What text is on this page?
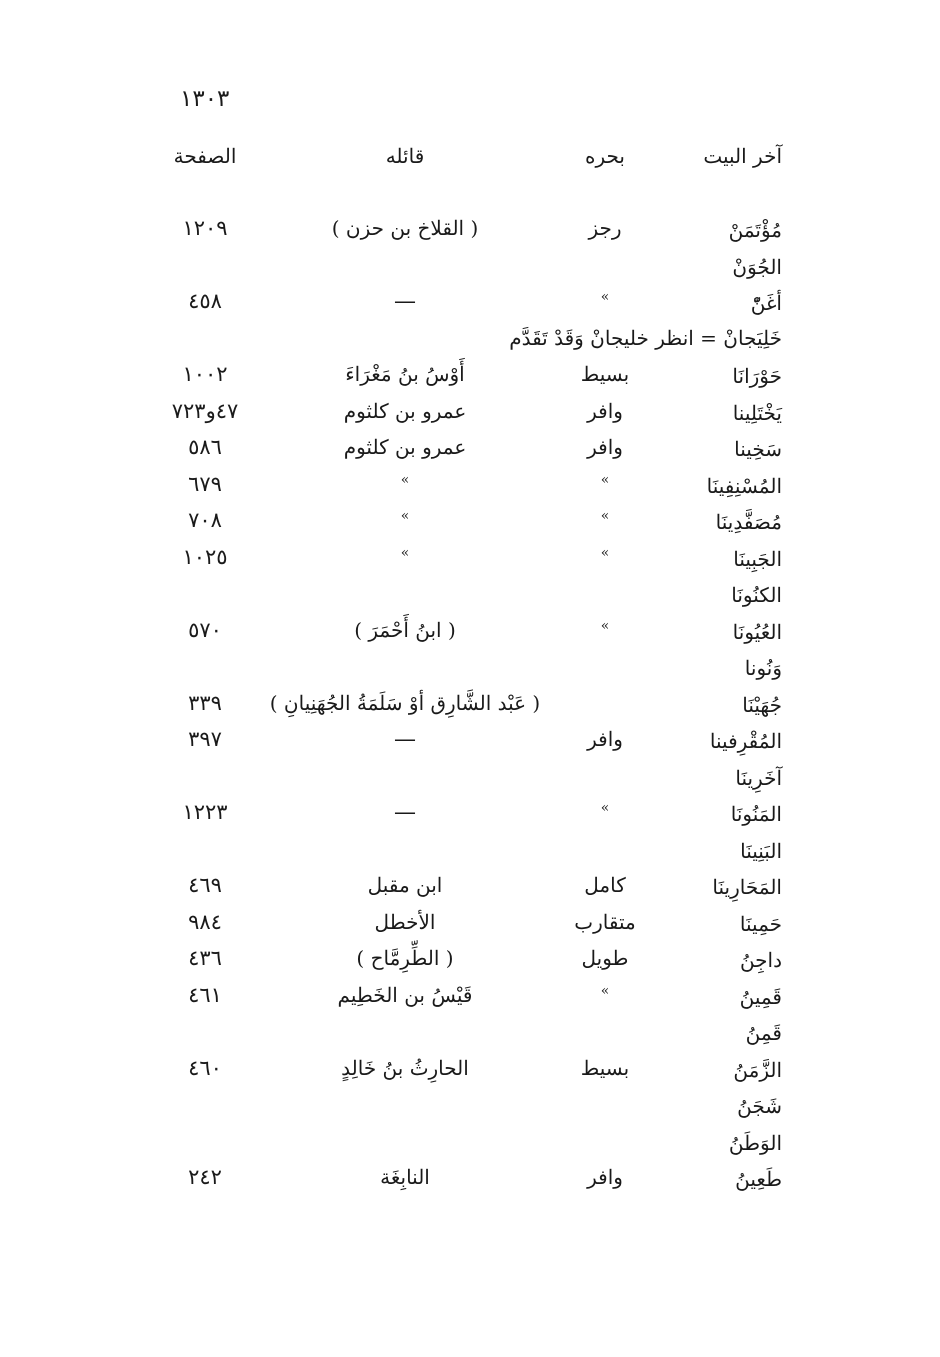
١٣٠٣
آخر البيت
بحره
قائله
الصفحة
مُؤْتَمَنْ
رجز
( القلاخ بن حزن )
١٢٠٩
الجُوَنْ
أغَنّْ
»
—
٤٥٨
خَلِيَجانْ = انظر خليجانْ وَقَدْ تَقَدَّم
حَوْرَانَا
بسيط
أَوْسُ بنُ مَغْرَاءَ
١٠٠٢
يَخْتَلِينا
وافر
عمرو بن كلثوم
٤٧و٧٢٣
سَخِينا
وافر
عمرو بن كلثوم
٥٨٦
المُسْنِفِينَا
»
»
٦٧٩
مُصَفَّدِينَا
»
»
٧٠٨
الجَبِينَا
»
»
١٠٢٥
الكنُونَا
العُيُونَا
»
( ابنُ أَحْمَرَ )
٥٧٠
وَنُونا
جُهَيْنَا
( عَبْد الشَّارِق أوْ سَلَمَةُ الجُهَنِيانِ )
٣٣٩
المُقْرِفينا
وافر
—
٣٩٧
آخَرِينَا
المَنُونَا
»
—
١٢٢٣
البَنِينَا
المَحَارِينَا
كامل
ابن مقبل
٤٦٩
حَمِينَا
متقارب
الأخطل
٩٨٤
داجِنُ
طويل
( الطِّرِمَّاح )
٤٣٦
قَمِينُ
»
قَيْسُ بن الخَطِيم
٤٦١
قَمِنُ
الزَّمَنُ
بسيط
الحارِثُ بنُ خَالِدٍ
٤٦٠
شَجَنُ
الوَطَنُ
طَعِينُ
وافر
النابِغَة
٢٤٢
